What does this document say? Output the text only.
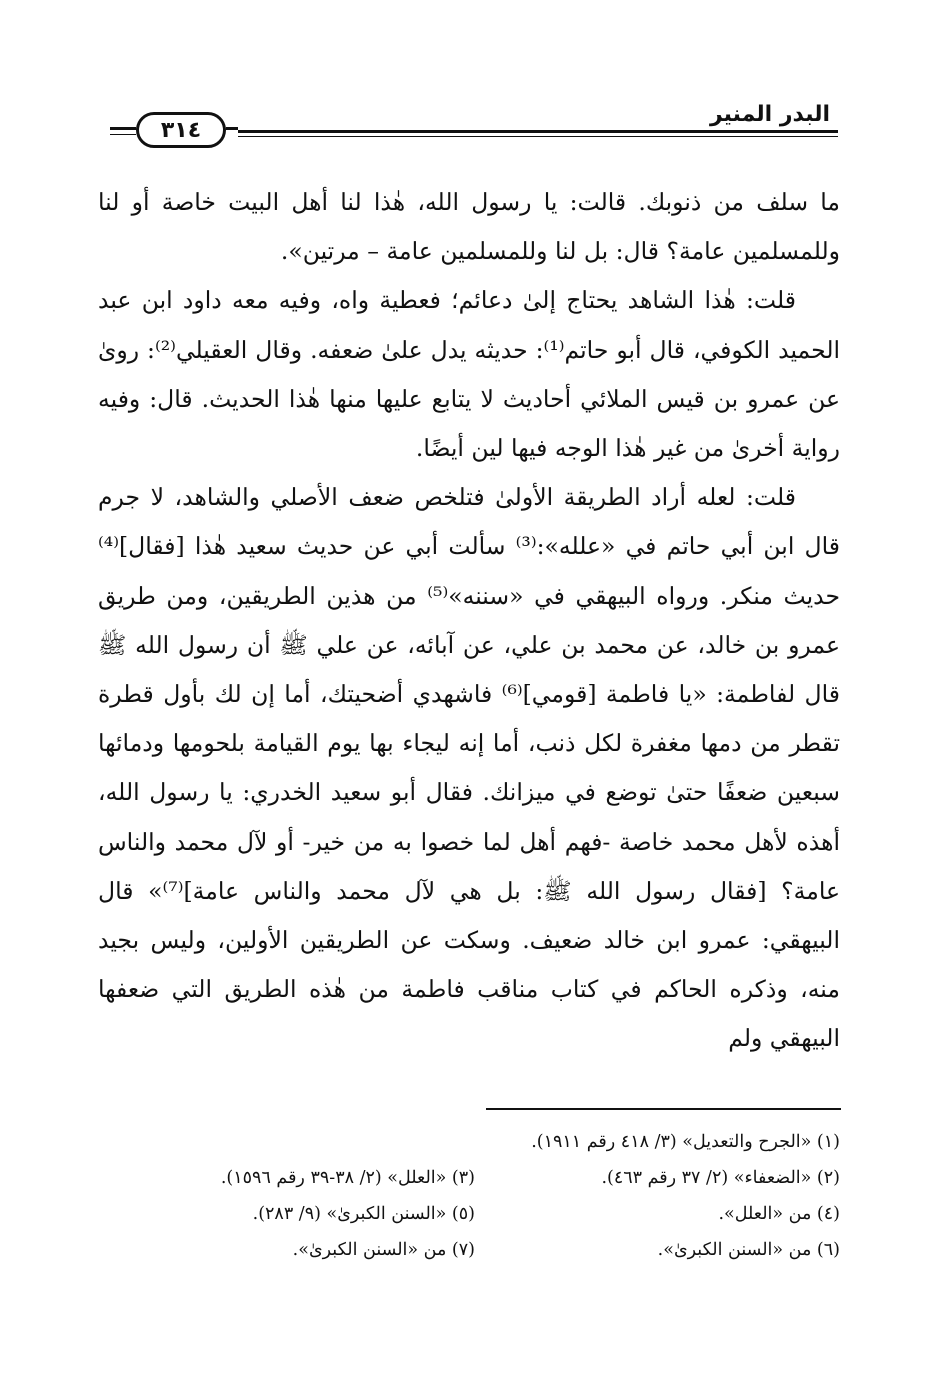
البدر المنير
٣١٤

ما سلف من ذنوبك. قالت: يا رسول الله، هٰذا لنا أهل البيت خاصة أو لنا وللمسلمين عامة؟ قال: بل لنا وللمسلمين عامة – مرتين».

قلت: هٰذا الشاهد يحتاج إلىٰ دعائم؛ فعطية واه، وفيه معه داود ابن عبد الحميد الكوفي، قال أبو حاتم⁽¹⁾: حديثه يدل علىٰ ضعفه. وقال العقيلي⁽²⁾: روىٰ عن عمرو بن قيس الملائي أحاديث لا يتابع عليها منها هٰذا الحديث. قال: وفيه رواية أخرىٰ من غير هٰذا الوجه فيها لين أيضًا.

قلت: لعله أراد الطريقة الأولىٰ فتلخص ضعف الأصلي والشاهد، لا جرم قال ابن أبي حاتم في «علله»:⁽³⁾ سألت أبي عن حديث سعيد هٰذا [فقال]⁽⁴⁾ حديث منكر. ورواه البيهقي في «سننه»⁽⁵⁾ من هذين الطريقين، ومن طريق عمرو بن خالد، عن محمد بن علي، عن آبائه، عن علي ﷺ أن رسول الله ﷺ قال لفاطمة: «يا فاطمة [قومي]⁽⁶⁾ فاشهدي أضحيتك، أما إن لك بأول قطرة تقطر من دمها مغفرة لكل ذنب، أما إنه ليجاء بها يوم القيامة بلحومها ودمائها سبعين ضعفًا حتىٰ توضع في ميزانك. فقال أبو سعيد الخدري: يا رسول الله، أهذه لأهل محمد خاصة -فهم أهل لما خصوا به من خير- أو لآل محمد والناس عامة؟ [فقال رسول الله ﷺ: بل هي لآل محمد والناس عامة]⁽⁷⁾» قال البيهقي: عمرو ابن خالد ضعيف. وسكت عن الطريقين الأولين، وليس بجيد منه، وذكره الحاكم في كتاب مناقب فاطمة من هٰذه الطريق التي ضعفها البيهقي ولم

(١) «الجرح والتعديل» (٣/ ٤١٨ رقم ١٩١١).
(٢) «الضعفاء» (٢/ ٣٧ رقم ٤٦٣).
(٣) «العلل» (٢/ ٣٨-٣٩ رقم ١٥٩٦).
(٤) من «العلل».
(٥) «السنن الكبرىٰ» (٩/ ٢٨٣).
(٦) من «السنن الكبرىٰ».
(٧) من «السنن الكبرىٰ».
